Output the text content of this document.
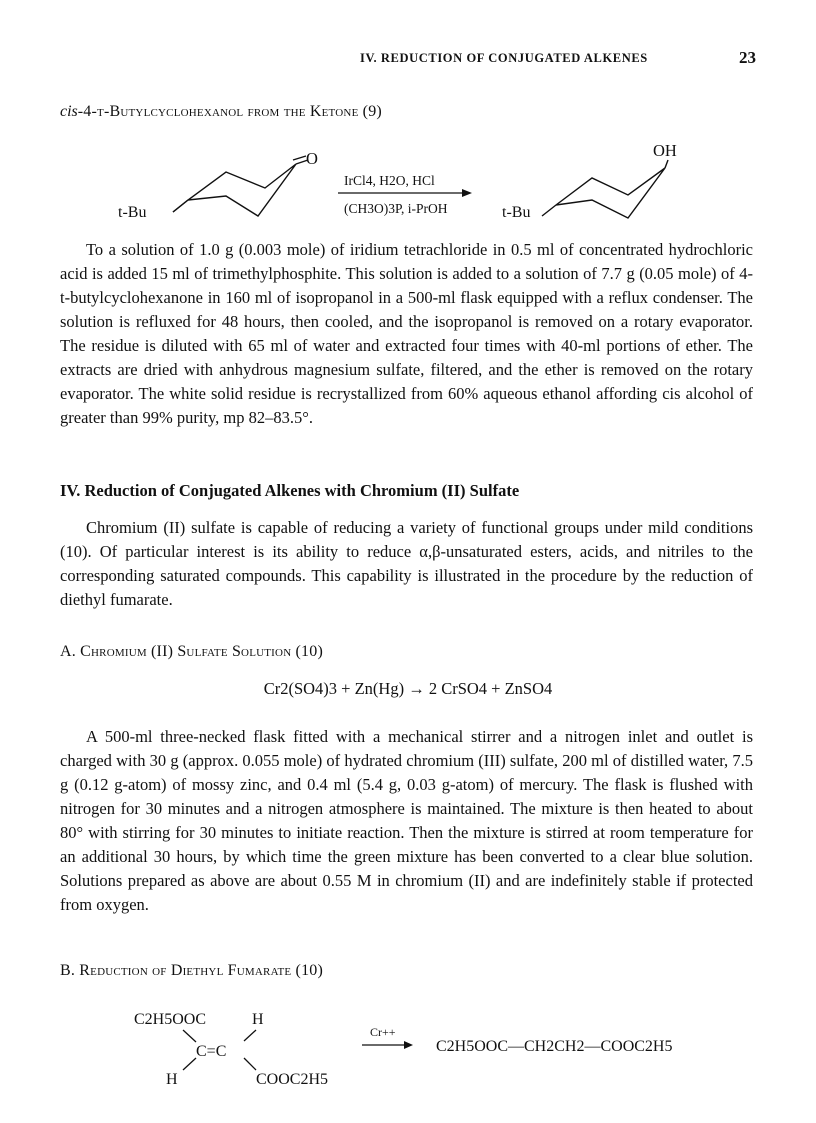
IV. REDUCTION OF CONJUGATED ALKENES	23
cis-4-t-Butylcyclohexanol from the Ketone (9)
t-Bu
O
IrCl4, H2O, HCl
(CH3O)3P, i-PrOH	t-Bu
OH
C2H5OOC	H
C=C
H	COOC2H5
Cr++
C2H5OOC—CH2CH2—COOC2H5

To a solution of 1.0 g (0.003 mole) of iridium tetrachloride in 0.5 ml of concentrated hydrochloric acid is added 15 ml of trimethylphosphite. This solution is added to a solution of 7.7 g (0.05 mole) of 4-t-butylcyclohexanone in 160 ml of isopropanol in a 500-ml flask equipped with a reflux condenser. The solution is refluxed for 48 hours, then cooled, and the isopropanol is removed on a rotary evaporator. The residue is diluted with 65 ml of water and extracted four times with 40-ml portions of ether. The extracts are dried with anhydrous magnesium sulfate, filtered, and the ether is removed on the rotary evaporator. The white solid residue is recrystallized from 60% aqueous ethanol affording cis alcohol of greater than 99% purity, mp 82–83.5°.

IV. Reduction of Conjugated Alkenes with Chromium (II) Sulfate

Chromium (II) sulfate is capable of reducing a variety of functional groups under mild conditions (10). Of particular interest is its ability to reduce α,β-unsaturated esters, acids, and nitriles to the corresponding saturated compounds. This capability is illustrated in the procedure by the reduction of diethyl fumarate.

A. Chromium (II) Sulfate Solution (10)
Cr2(SO4)3 + Zn(Hg) → 2 CrSO4 + ZnSO4

A 500-ml three-necked flask fitted with a mechanical stirrer and a nitrogen inlet and outlet is charged with 30 g (approx. 0.055 mole) of hydrated chromium (III) sulfate, 200 ml of distilled water, 7.5 g (0.12 g-atom) of mossy zinc, and 0.4 ml (5.4 g, 0.03 g-atom) of mercury. The flask is flushed with nitrogen for 30 minutes and a nitrogen atmosphere is maintained. The mixture is then heated to about 80° with stirring for 30 minutes to initiate reaction. Then the mixture is stirred at room temperature for an additional 30 hours, by which time the green mixture has been converted to a clear blue solution. Solutions prepared as above are about 0.55 M in chromium (II) and are indefinitely stable if protected from oxygen.

B. Reduction of Diethyl Fumarate (10)
